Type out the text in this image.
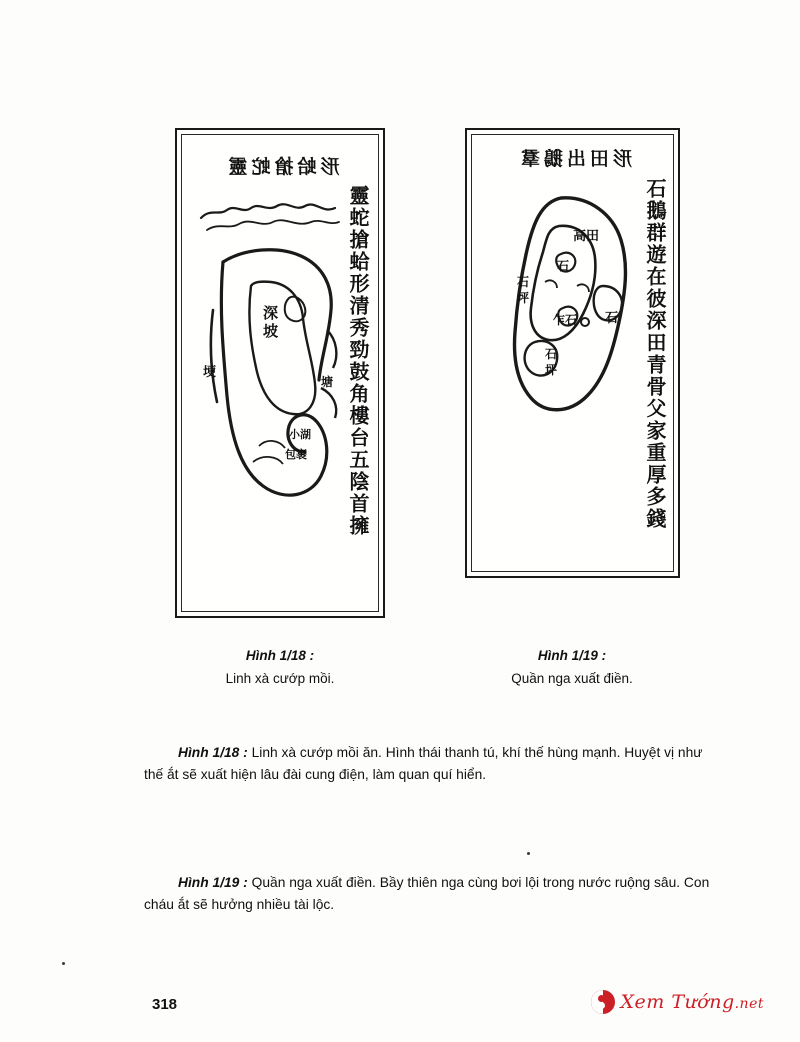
形蛤搶蛇靈
靈蛇搶蛤形清秀勁鼓角樓台五陰首擁
深
坡
埂
塘
小湖
包裹
Hình 1/18 :
Linh xà cướp mồi.
形田出鵝羣
石鵝群遊在彼深田青骨父家重厚多錢
高田
石
坪
石
石
乍石
石
坪
Hình 1/19 :
Quần nga xuất điền.
Hình 1/18 : Linh xà cướp mồi ăn. Hình thái thanh tú, khí thế hùng mạnh. Huyệt vị như thế ắt sẽ xuất hiện lâu đài cung điện, làm quan quí hiển.
Hình 1/19 : Quần nga xuất điền. Bầy thiên nga cùng bơi lội trong nước ruộng sâu. Con cháu ắt sẽ hưởng nhiều tài lộc.
318	Xem Tướng.net
